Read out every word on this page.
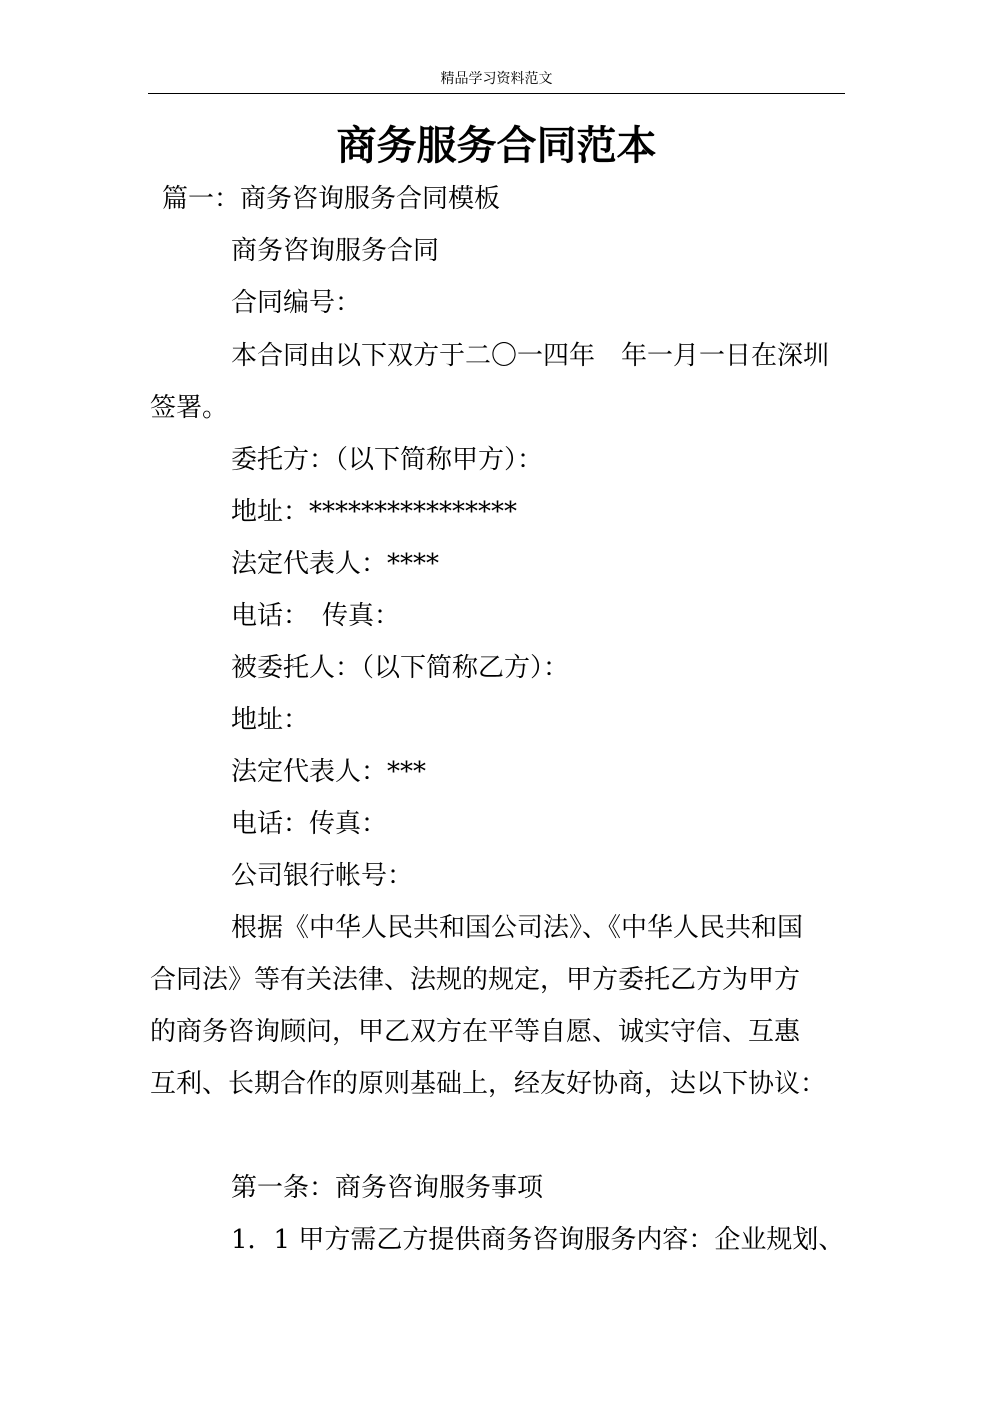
精品学习资料范文
商务服务合同范本
篇一：商务咨询服务合同模板
商务咨询服务合同
合同编号：
本合同由以下双方于二〇一四年　年一月一日在深圳
签署。
委托方：（以下简称甲方）：
地址：****************
法定代表人：****
电话：　传真：
被委托人：（以下简称乙方）：
地址：
法定代表人：***
电话：传真：
公司银行帐号：
根据《中华人民共和国公司法》、《中华人民共和国
合同法》等有关法律、法规的规定，甲方委托乙方为甲方
的商务咨询顾问，甲乙双方在平等自愿、诚实守信、互惠
互利、长期合作的原则基础上，经友好协商，达以下协议：
第一条：商务咨询服务事项
1．1 甲方需乙方提供商务咨询服务内容：企业规划、
